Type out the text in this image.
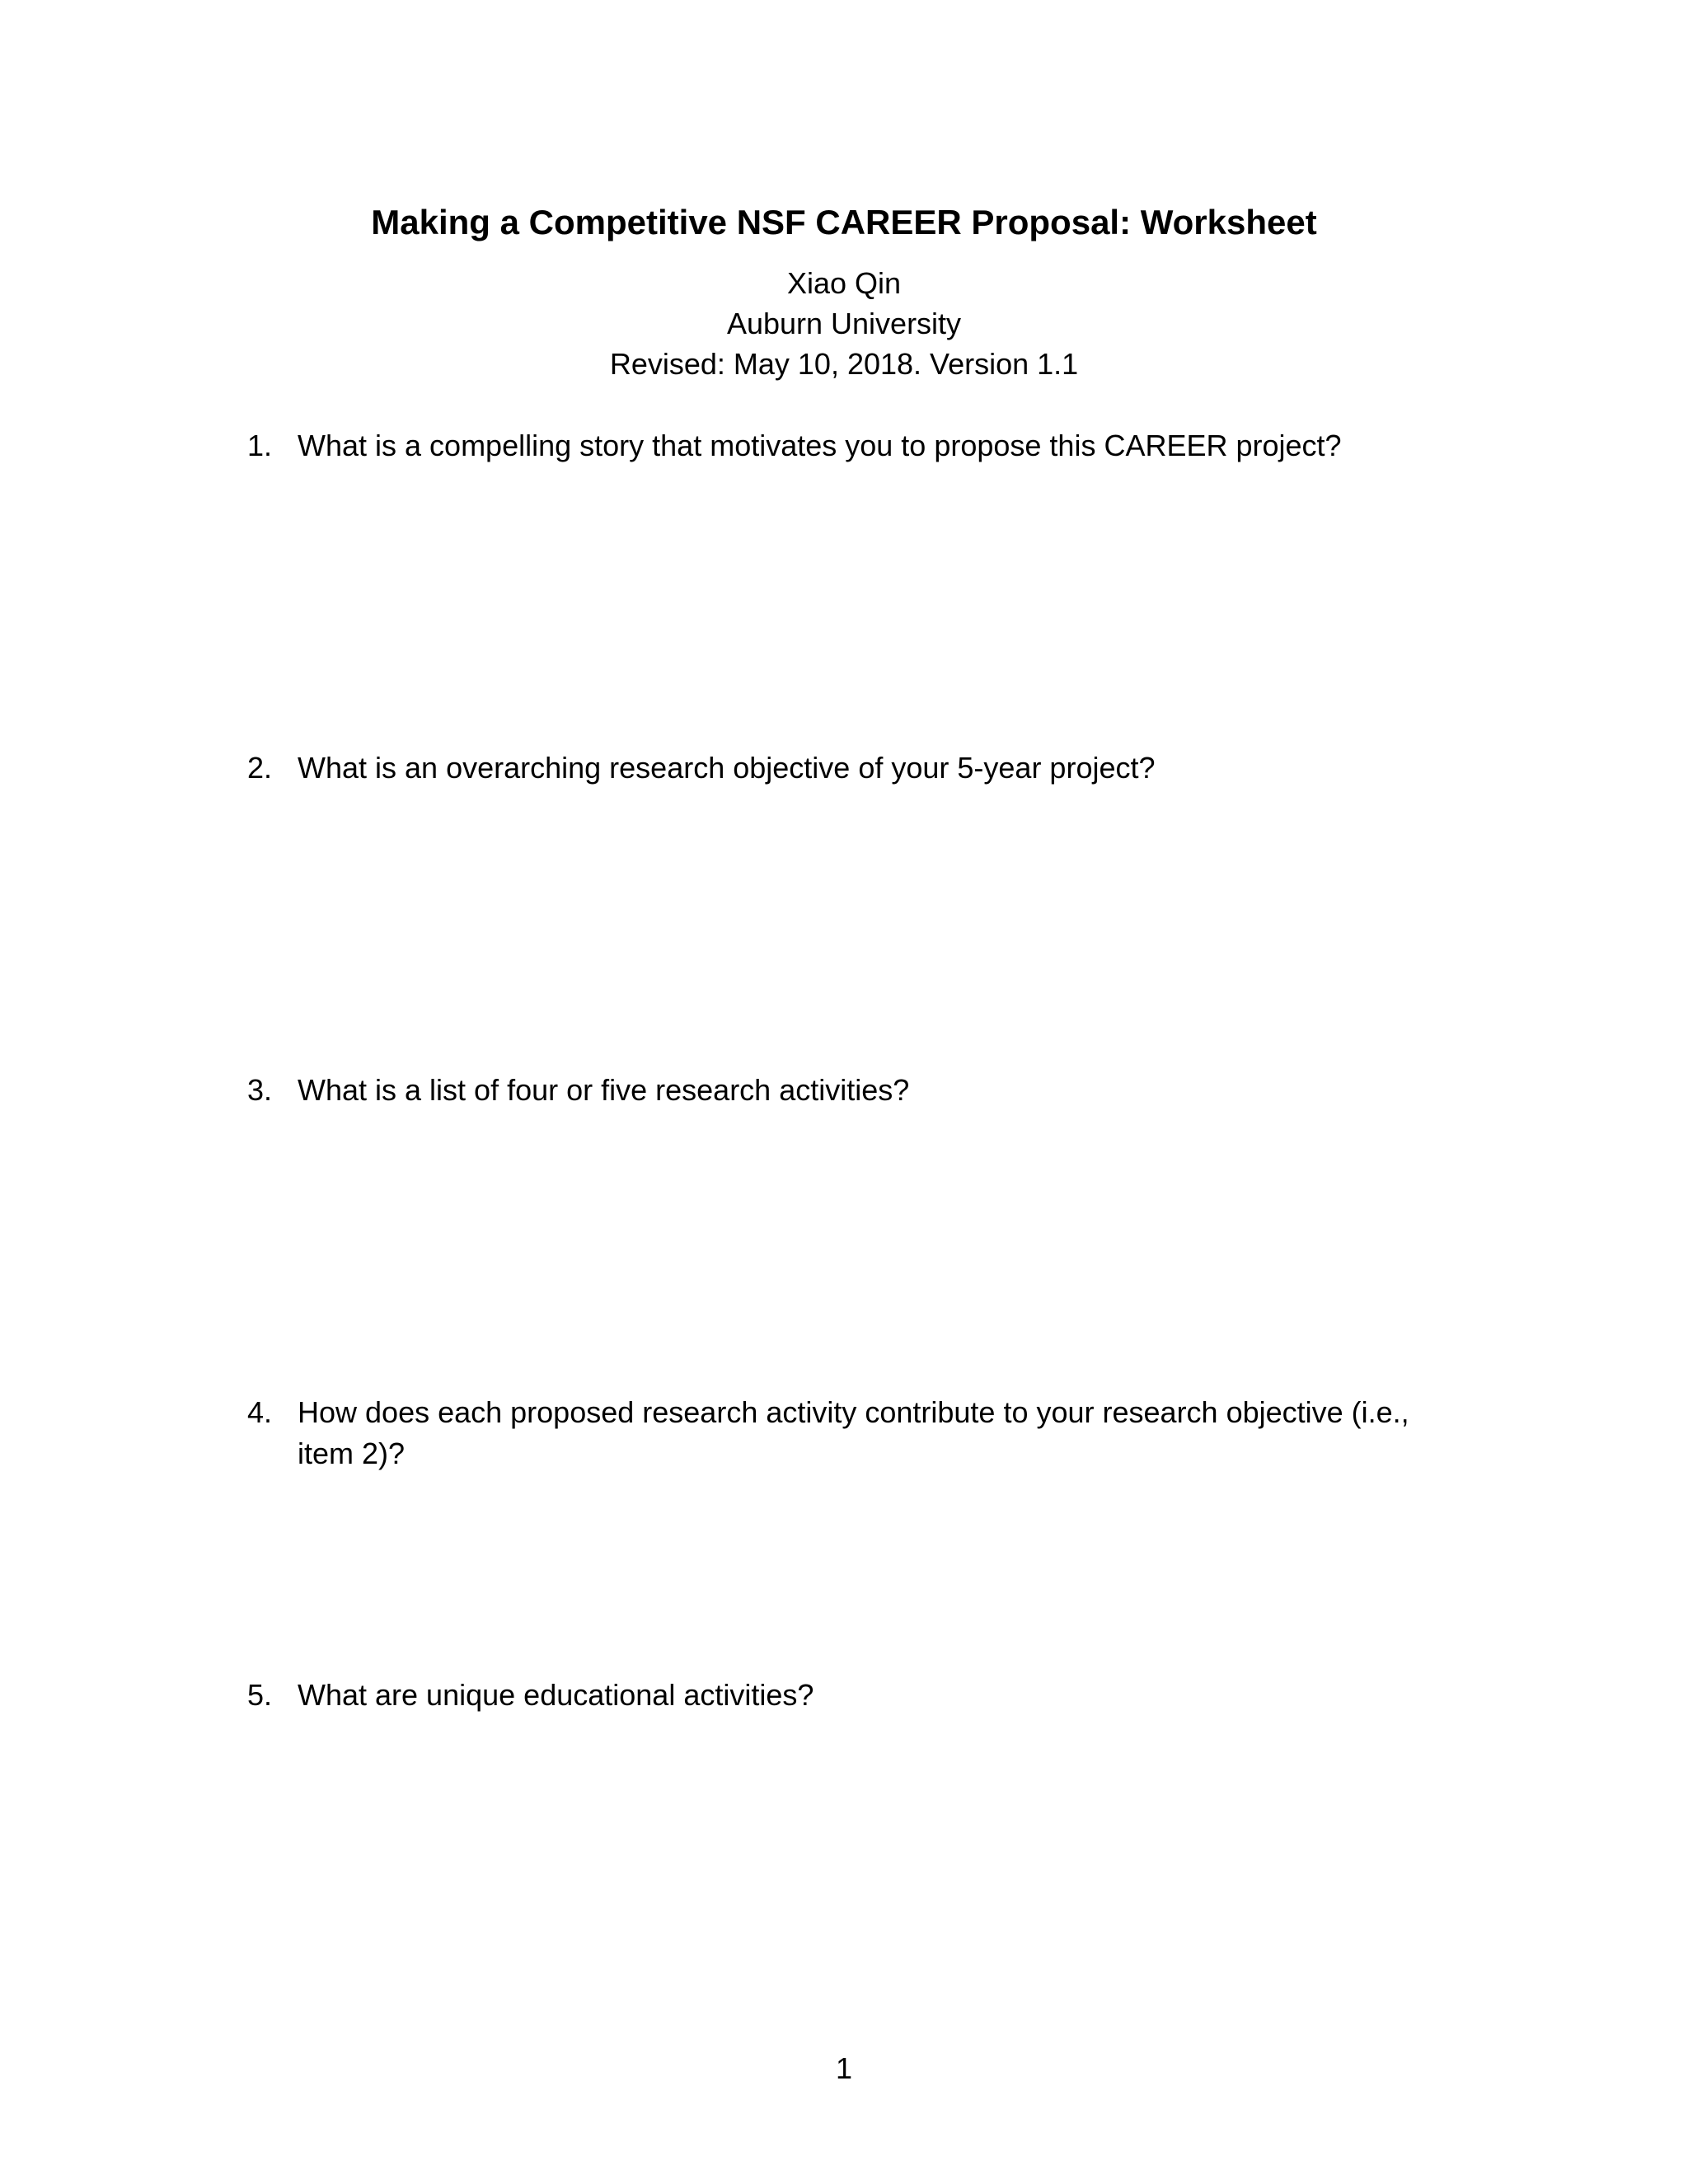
Making a Competitive NSF CAREER Proposal: Worksheet
Xiao Qin
Auburn University
Revised: May 10, 2018. Version 1.1
1. What is a compelling story that motivates you to propose this CAREER project?
2. What is an overarching research objective of your 5-year project?
3. What is a list of four or five research activities?
4. How does each proposed research activity contribute to your research objective (i.e., item 2)?
5. What are unique educational activities?
1
